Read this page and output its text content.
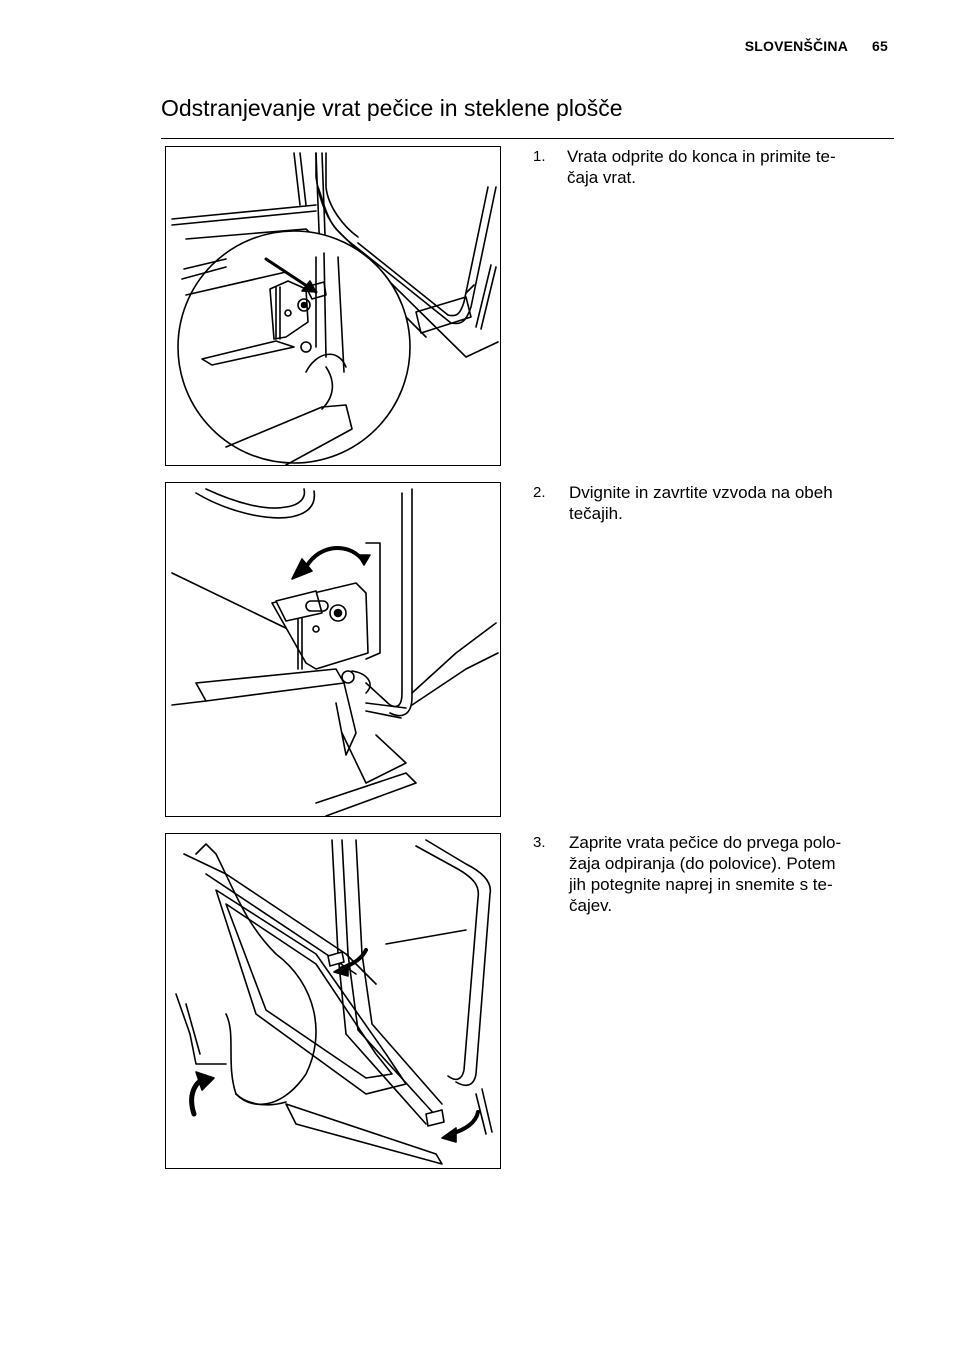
SLOVENŠČINA 65
Odstranjevanje vrat pečice in steklene plošče
1. Vrata odprite do konca in primite te-
čaja vrat.
2. Dvignite in zavrtite vzvoda na obeh
tečajih.
3. Zaprite vrata pečice do prvega polo-
žaja odpiranja (do polovice). Potem
jih potegnite naprej in snemite s te-
čajev.
